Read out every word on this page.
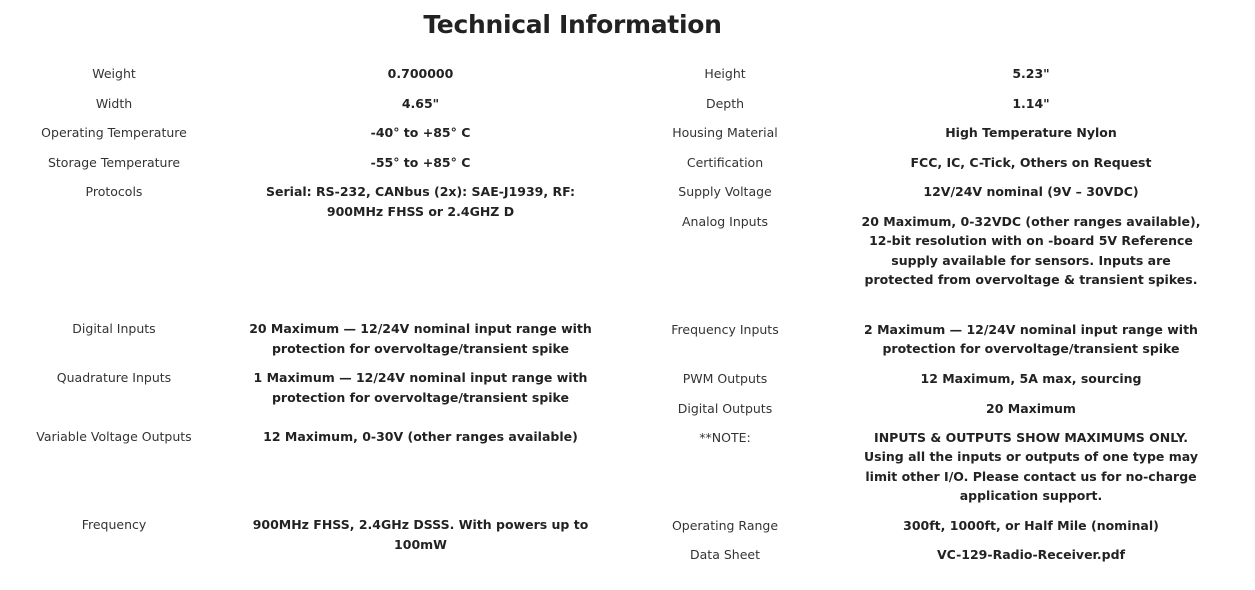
Technical Information
Weight	0.700000
Width	4.65"
Operating Temperature	-40° to +85° C
Storage Temperature	-55° to +85° C
Protocols	Serial: RS-232, CANbus (2x): SAE-J1939, RF: 900MHz FHSS or 2.4GHZ D
Digital Inputs	20 Maximum — 12/24V nominal input range with protection for overvoltage/transient spike
Quadrature Inputs	1 Maximum — 12/24V nominal input range with protection for overvoltage/transient spike
Variable Voltage Outputs	12 Maximum, 0-30V (other ranges available)
Frequency	900MHz FHSS, 2.4GHz DSSS. With powers up to 100mW
Height	5.23"
Depth	1.14"
Housing Material	High Temperature Nylon
Certification	FCC, IC, C-Tick, Others on Request
Supply Voltage	12V/24V nominal (9V – 30VDC)
Analog Inputs	20 Maximum, 0-32VDC (other ranges available), 12-bit resolution with on -board 5V Reference supply available for sensors. Inputs are protected from overvoltage & transient spikes.
Frequency Inputs	2 Maximum — 12/24V nominal input range with protection for overvoltage/transient spike
PWM Outputs	12 Maximum, 5A max, sourcing
Digital Outputs	20 Maximum
**NOTE:	INPUTS & OUTPUTS SHOW MAXIMUMS ONLY. Using all the inputs or outputs of one type may limit other I/O. Please contact us for no-charge application support.
Operating Range	300ft, 1000ft, or Half Mile (nominal)
Data Sheet	VC-129-Radio-Receiver.pdf
